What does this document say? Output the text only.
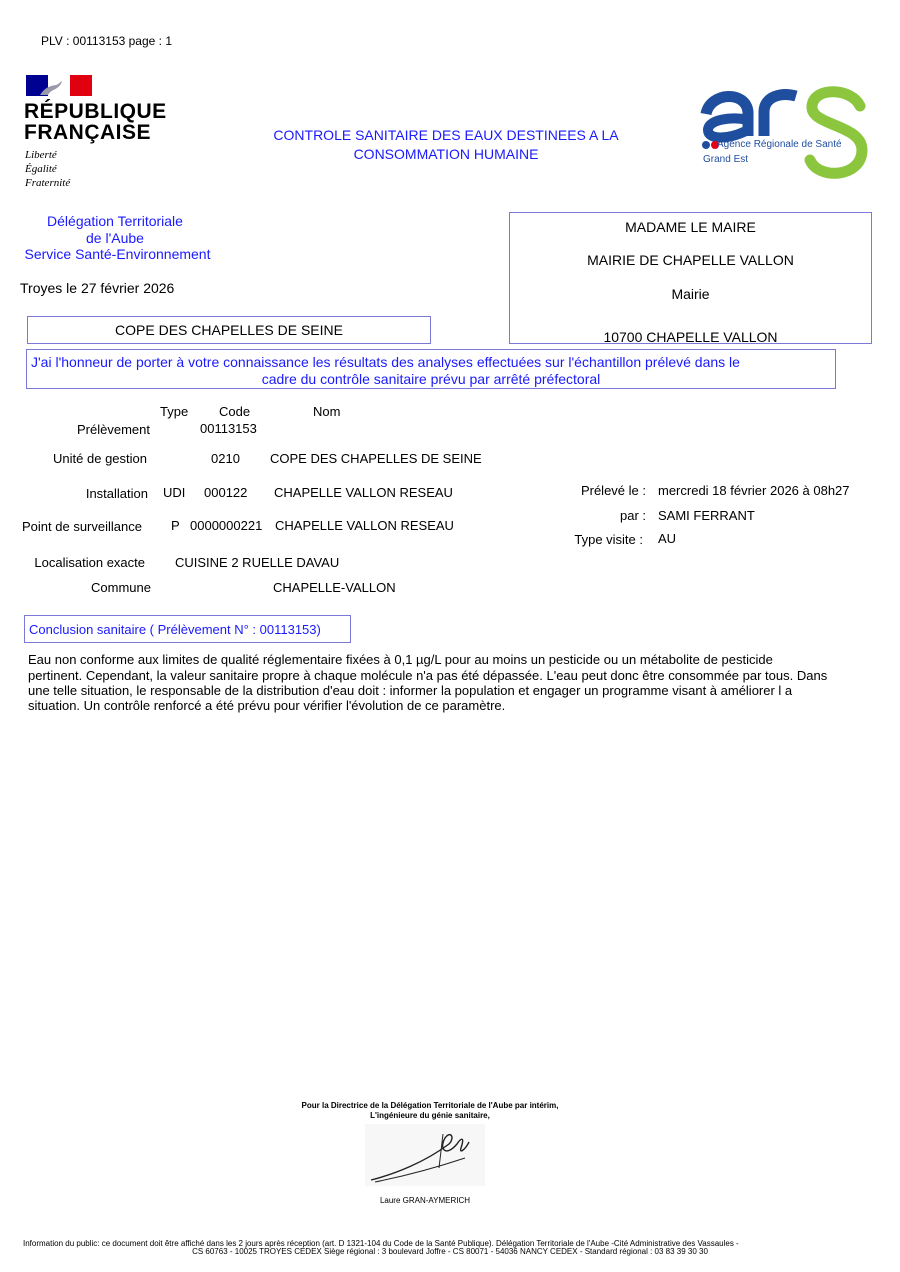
PLV : 00113153 page : 1
RÉPUBLIQUE
FRANÇAISE
Liberté
Égalité
Fraternité
CONTROLE SANITAIRE DES EAUX DESTINEES A LA
CONSOMMATION HUMAINE
Agence Régionale de Santé
Grand Est
Délégation Territoriale
de l'Aube
Service Santé-Environnement
Troyes le 27 février 2026
MADAME LE MAIRE
MAIRIE DE CHAPELLE VALLON
Mairie
10700 CHAPELLE VALLON
COPE DES CHAPELLES DE SEINE
J'ai l'honneur de porter à votre connaissance les résultats des analyses effectuées sur l'échantillon prélevé dans le
cadre du contrôle sanitaire prévu par arrêté préfectoral
Type Code	Nom
Prélèvement	00113153
Unité de gestion	0210 COPE DES CHAPELLES DE SEINE
Installation UDI 000122 CHAPELLE VALLON RESEAU
Point de surveillance P 0000000221 CHAPELLE VALLON RESEAU
Localisation exacte CUISINE 2 RUELLE DAVAU
Commune	CHAPELLE-VALLON
Prélevé le : mercredi 18 février 2026 à 08h27
par : SAMI FERRANT
Type visite : AU
Conclusion sanitaire ( Prélèvement N° : 00113153)
Eau non conforme aux limites de qualité réglementaire fixées à 0,1 µg/L pour au moins un pesticide ou un métabolite de pesticide
pertinent. Cependant, la valeur sanitaire propre à chaque molécule n'a pas été dépassée. L'eau peut donc être consommée par tous. Dans
une telle situation, le responsable de la distribution d'eau doit : informer la population et engager un programme visant à améliorer l a
situation. Un contrôle renforcé a été prévu pour vérifier l'évolution de ce paramètre.
Pour la Directrice de la Délégation Territoriale de l'Aube par intérim,
L'ingénieure du génie sanitaire,
Laure GRAN-AYMERICH
Information du public: ce document doit être affiché dans les 2 jours après réception (art. D 1321-104 du Code de la Santé Publique). Délégation Territoriale de l'Aube -Cité Administrative des Vassaules -
CS 60763 - 10025 TROYES CEDEX Siège régional : 3 boulevard Joffre - CS 80071 - 54036 NANCY CEDEX - Standard régional : 03 83 39 30 30
